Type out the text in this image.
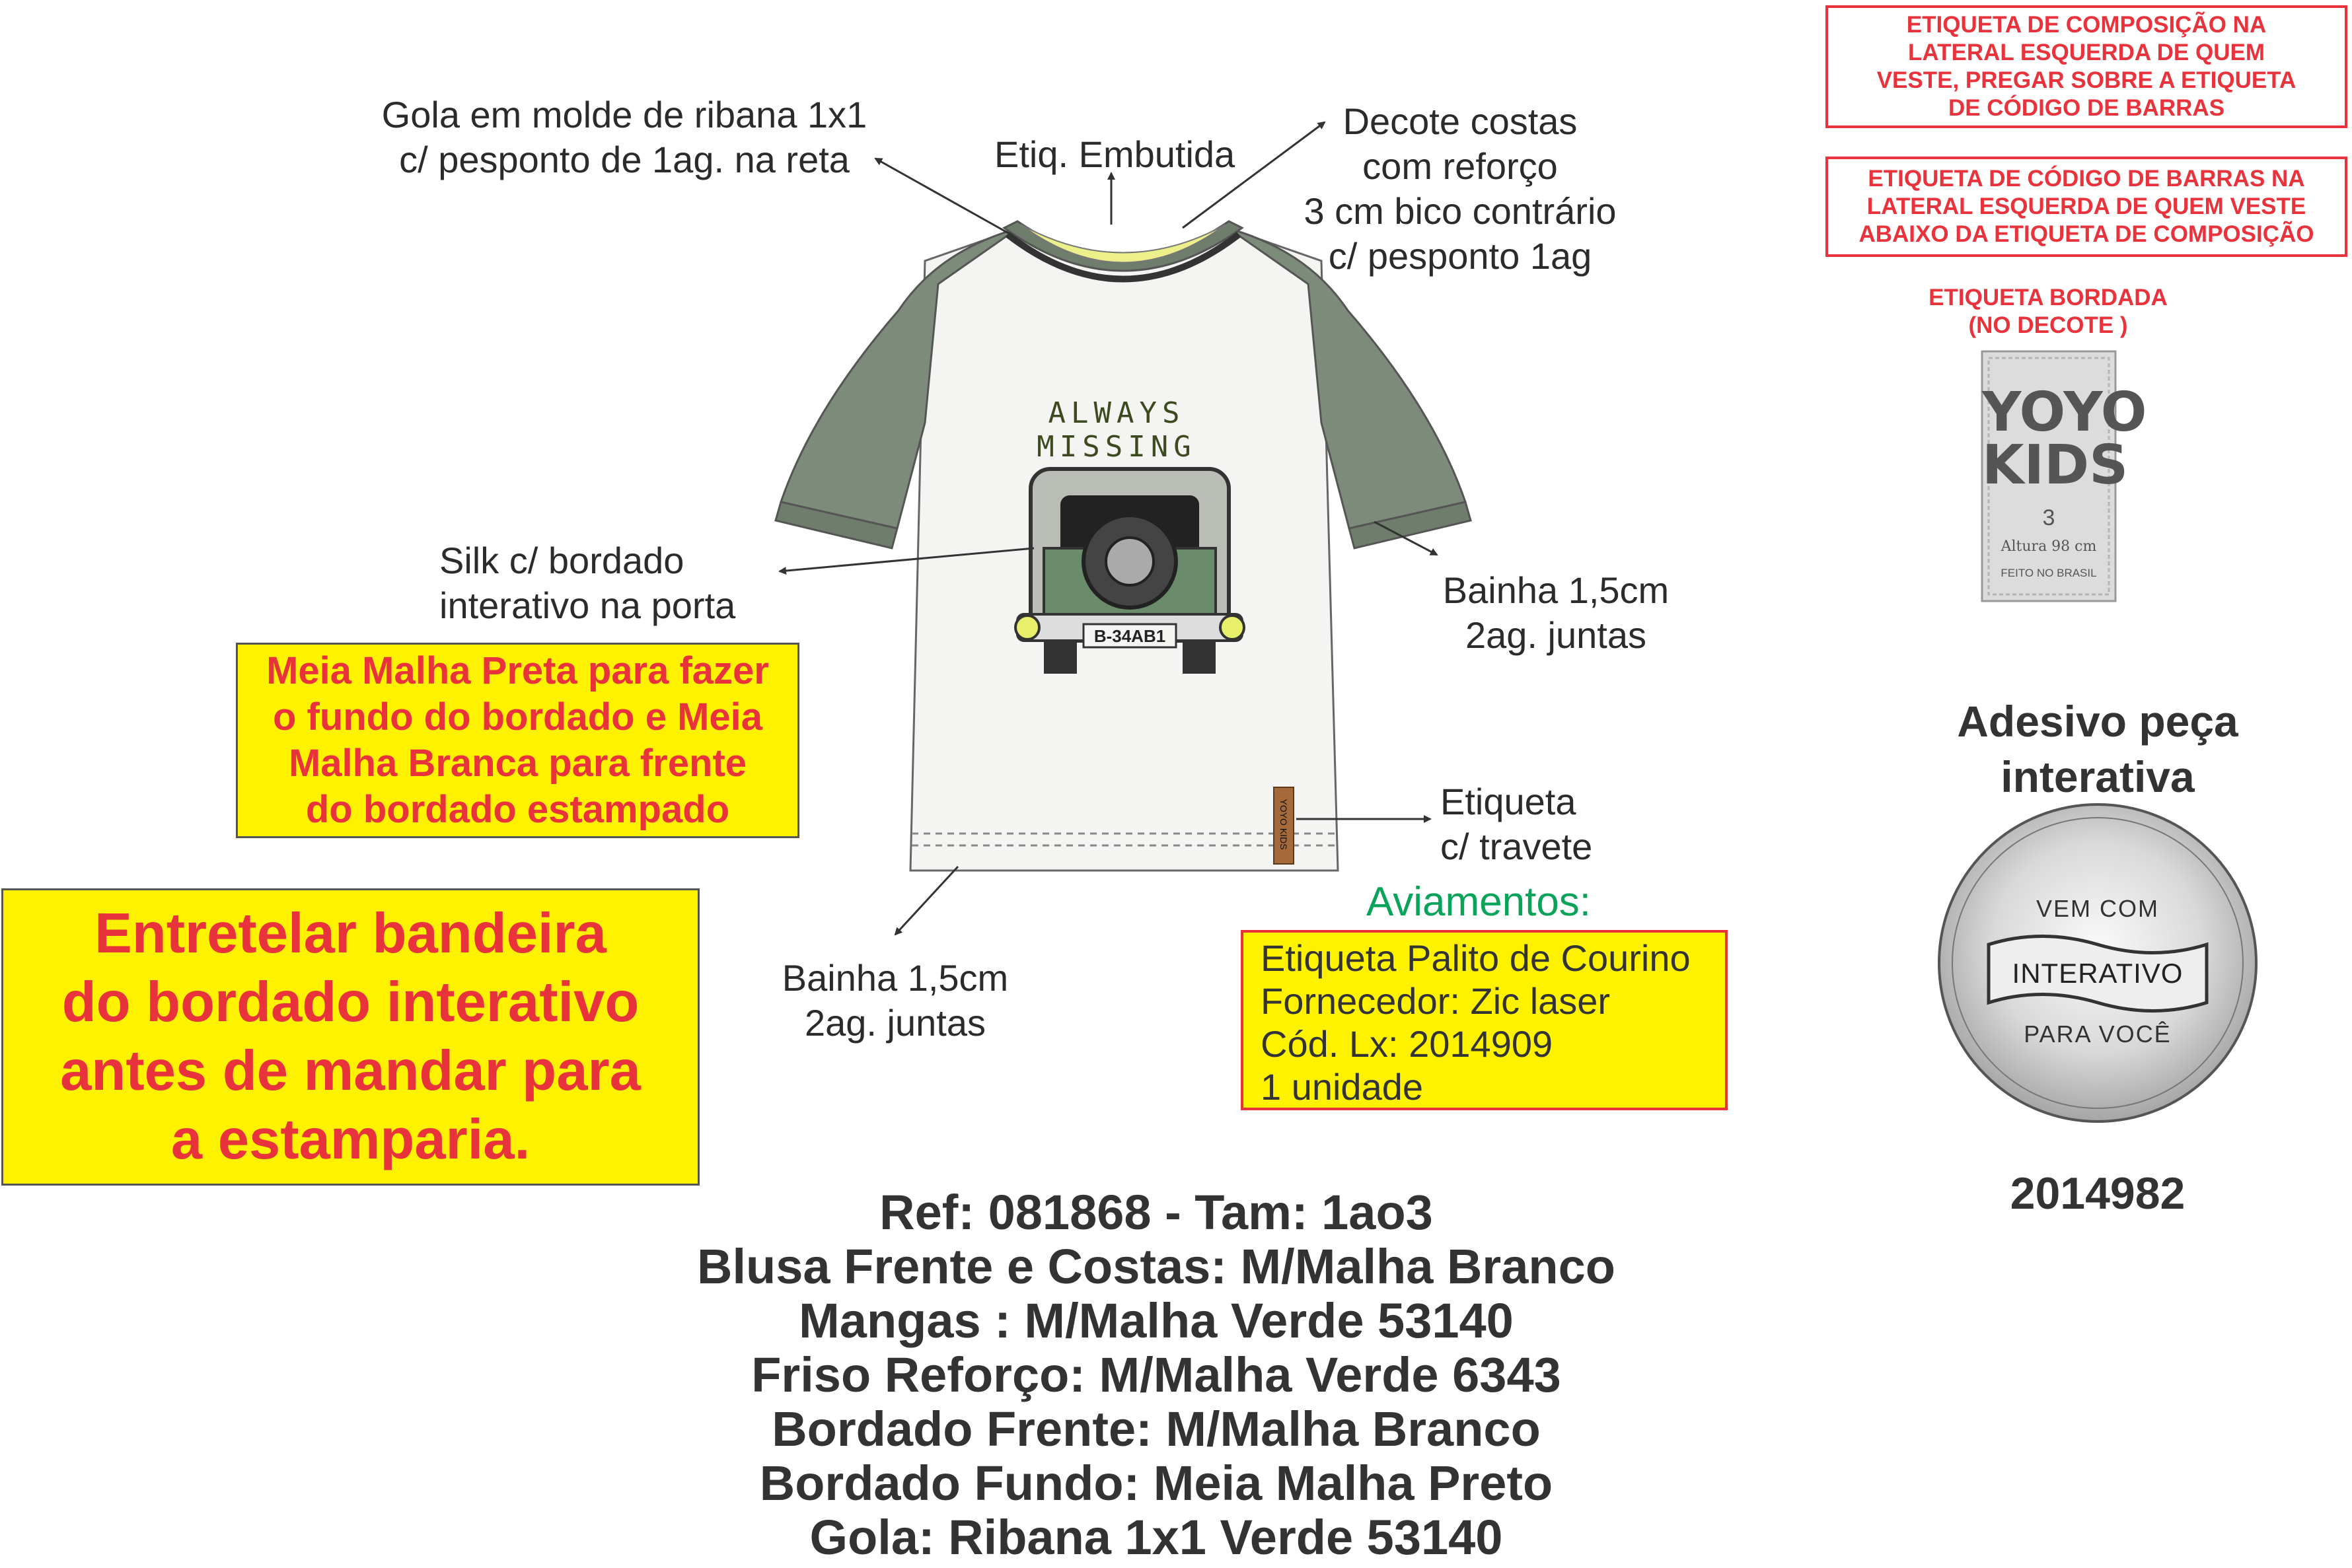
B-34AB1
ALWAYS MISSING
YOYO KIDS
Gola em molde de ribana 1x1
c/ pesponto de 1ag. na reta	Etiq. Embutida
Decote costas
com reforço
3 cm bico contrário
c/ pesponto 1ag
Silk c/ bordado
interativo na porta	Bainha 1,5cm
2ag. juntas
Etiqueta
c/ travete
Bainha 1,5cm
2ag. juntas
ETIQUETA DE COMPOSIÇÃO NA
LATERAL ESQUERDA DE QUEM
VESTE, PREGAR SOBRE A ETIQUETA
DE CÓDIGO DE BARRAS
ETIQUETA DE CÓDIGO DE BARRAS NA
LATERAL ESQUERDA DE QUEM VESTE
ABAIXO DA ETIQUETA DE COMPOSIÇÃO
ETIQUETA BORDADA
(NO DECOTE )
YOYO
KIDS
3
Altura 98 cm
FEITO NO BRASIL
Adesivo peça
interativa
VEM COM
INTERATIVO
PARA VOCÊ
2014982
Meia Malha Preta para fazer
o fundo do bordado e Meia
Malha Branca para frente
do bordado estampado
Entretelar bandeira
do bordado interativo
antes de mandar para
a estamparia.
Aviamentos:
Etiqueta Palito de Courino
Fornecedor: Zic laser
Cód. Lx: 2014909
1 unidade
Ref: 081868 - Tam: 1ao3
Blusa Frente e Costas: M/Malha Branco
Mangas : M/Malha Verde 53140
Friso Reforço: M/Malha Verde 6343
Bordado Frente: M/Malha Branco
Bordado Fundo: Meia Malha Preto
Gola: Ribana 1x1 Verde 53140
